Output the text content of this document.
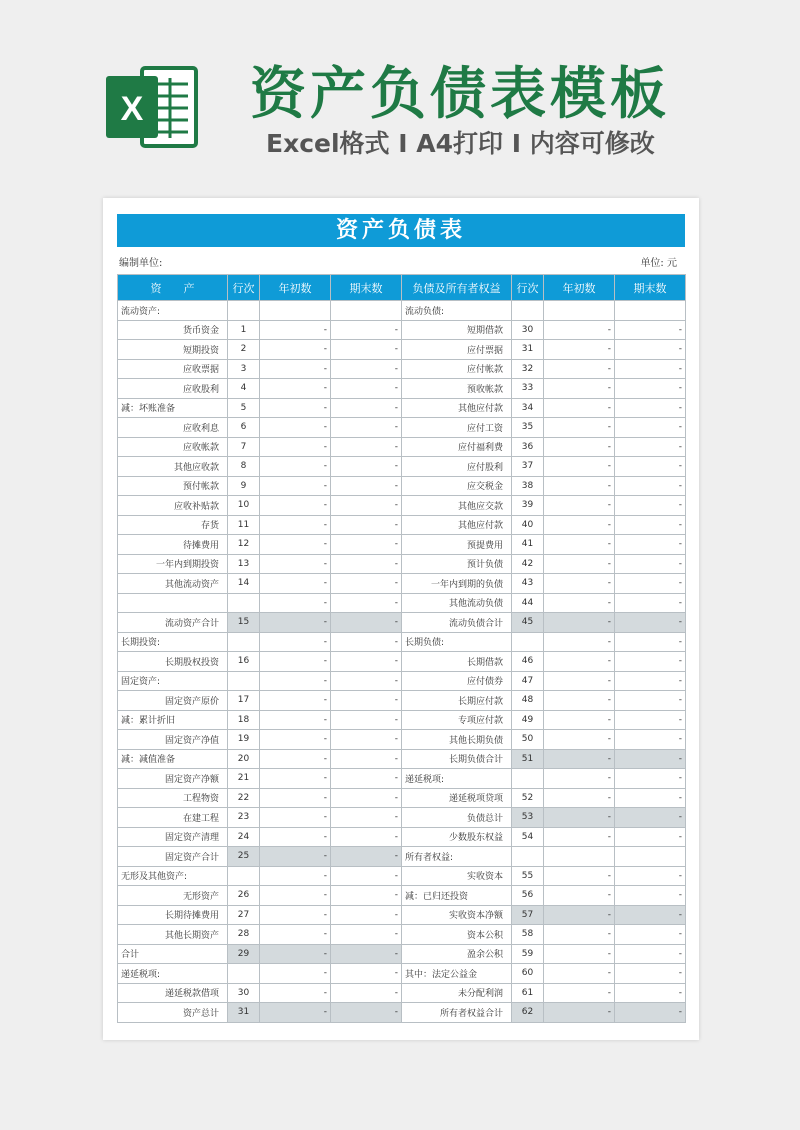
X 资产负债表模板
Excel格式 I A4打印 I 内容可修改
资产负债表
编制单位:	单位: 元
资　　产	行次	年初数	期末数	负债及所有者权益	行次	年初数	期末数
流动资产:				流动负债:			
货币资金	1	-	-	短期借款	30	-	-
短期投资	2	-	-	应付票据	31	-	-
应收票据	3	-	-	应付帐款	32	-	-
应收股利	4	-	-	预收帐款	33	-	-
减：坏账准备	5	-	-	其他应付款	34	-	-
应收利息	6	-	-	应付工资	35	-	-
应收帐款	7	-	-	应付福利费	36	-	-
其他应收款	8	-	-	应付股利	37	-	-
预付帐款	9	-	-	应交税金	38	-	-
应收补贴款	10	-	-	其他应交款	39	-	-
存货	11	-	-	其他应付款	40	-	-
待摊费用	12	-	-	预提费用	41	-	-
一年内到期投资	13	-	-	预计负债	42	-	-
其他流动资产	14	-	-	一年内到期的负债	43	-	-
		-	-	其他流动负债	44	-	-
流动资产合计	15	-	-	流动负债合计	45	-	-
长期投资:		-	-	长期负债:		-	-
长期股权投资	16	-	-	长期借款	46	-	-
固定资产:		-	-	应付债券	47	-	-
固定资产原价	17	-	-	长期应付款	48	-	-
减：累计折旧	18	-	-	专项应付款	49	-	-
固定资产净值	19	-	-	其他长期负债	50	-	-
减：减值准备	20	-	-	长期负债合计	51	-	-
固定资产净额	21	-	-	递延税项:		-	-
工程物资	22	-	-	递延税项贷项	52	-	-
在建工程	23	-	-	负债总计	53	-	-
固定资产清理	24	-	-	少数股东权益	54	-	-
固定资产合计	25	-	-	所有者权益:			
无形及其他资产:		-	-	实收资本	55	-	-
无形资产	26	-	-	减：已归还投资	56	-	-
长期待摊费用	27	-	-	实收资本净额	57	-	-
其他长期资产	28	-	-	资本公积	58	-	-
合计	29	-	-	盈余公积	59	-	-
递延税项:		-	-	其中：法定公益金	60	-	-
递延税款借项	30	-	-	未分配利润	61	-	-
资产总计	31	-	-	所有者权益合计	62	-	-
